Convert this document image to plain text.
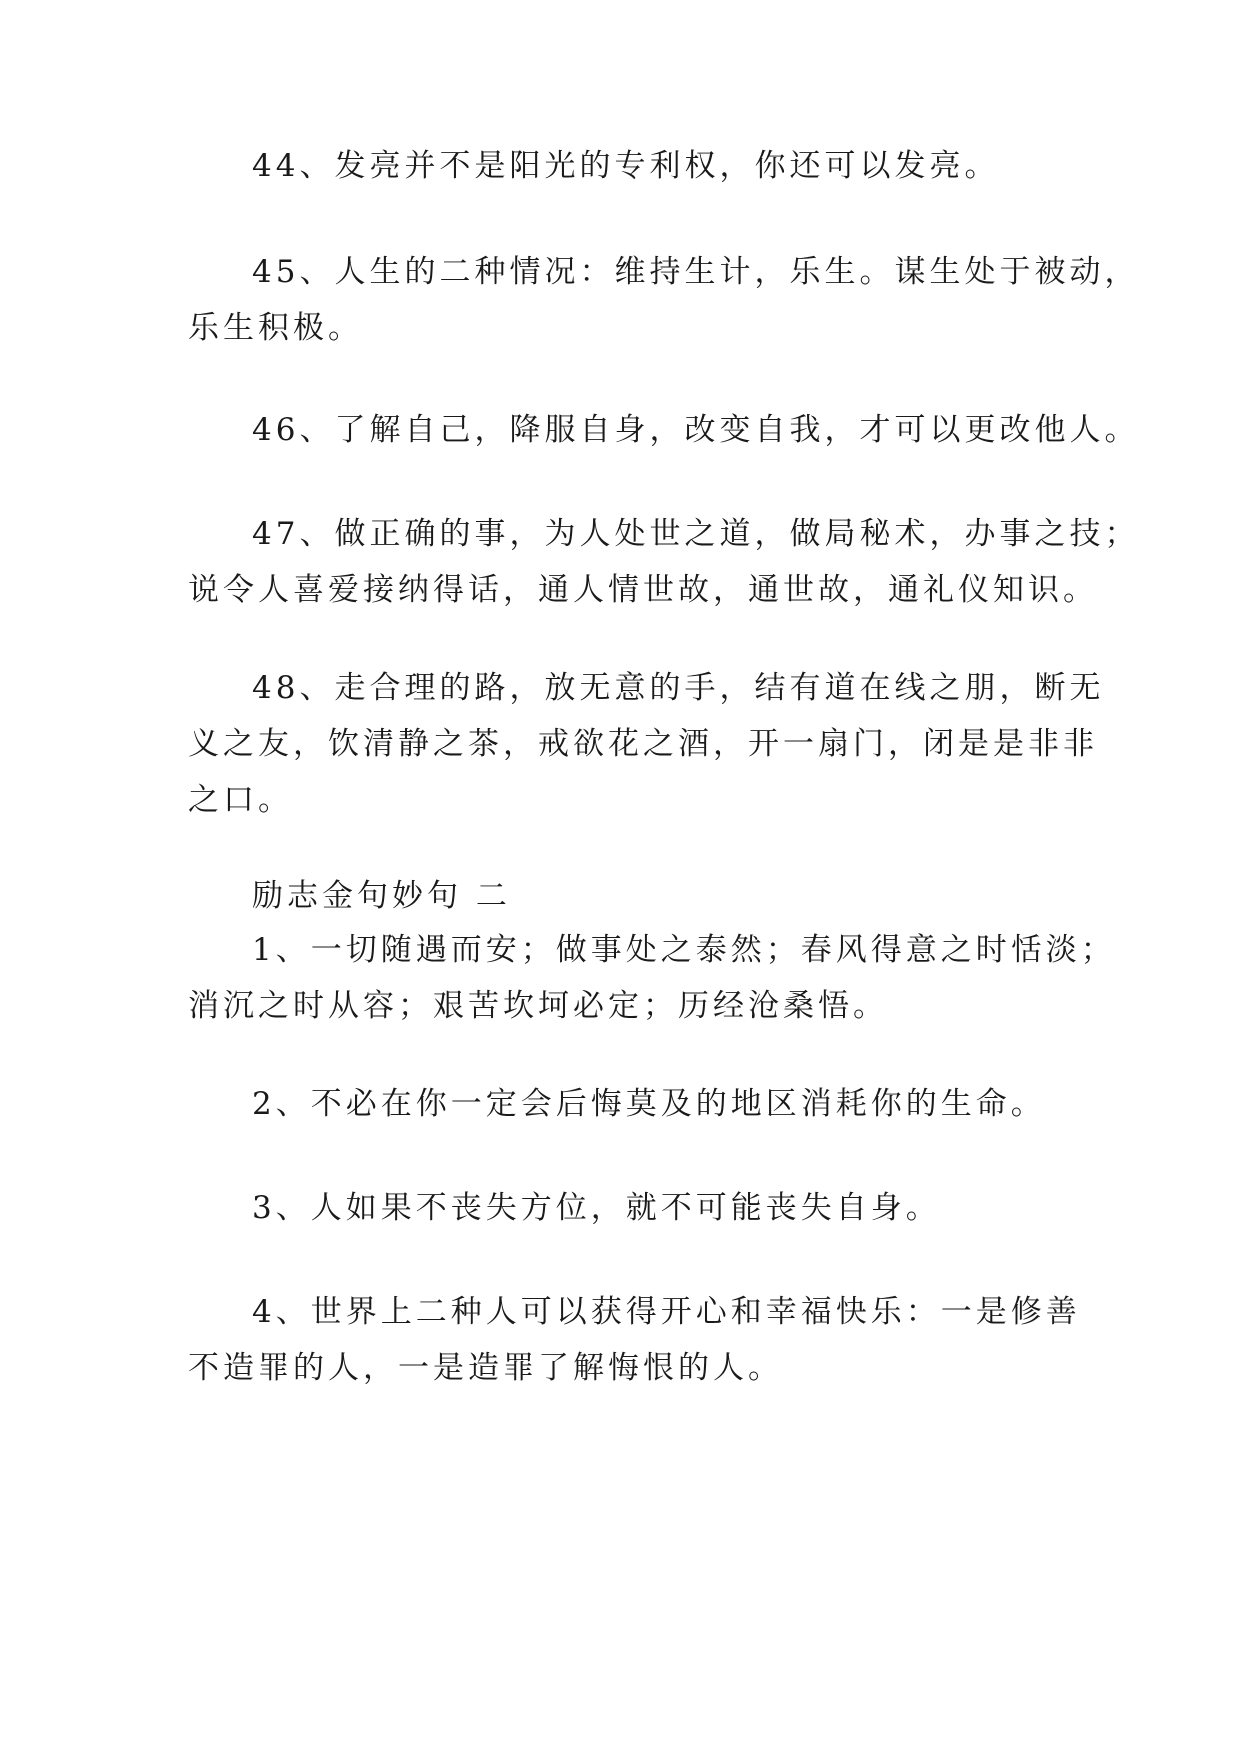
44、发亮并不是阳光的专利权，你还可以发亮。

45、人生的二种情况：维持生计，乐生。谋生处于被动，
乐生积极。

46、了解自己，降服自身，改变自我，才可以更改他人。

47、做正确的事，为人处世之道，做局秘术，办事之技；
说令人喜爱接纳得话，通人情世故，通世故，通礼仪知识。

48、走合理的路，放无意的手，结有道在线之朋，断无
义之友，饮清静之茶，戒欲花之酒，开一扇门，闭是是非非
之口。

励志金句妙句 二

1、一切随遇而安；做事处之泰然；春风得意之时恬淡；
消沉之时从容；艰苦坎坷必定；历经沧桑悟。

2、不必在你一定会后悔莫及的地区消耗你的生命。

3、人如果不丧失方位，就不可能丧失自身。

4、世界上二种人可以获得开心和幸福快乐：一是修善
不造罪的人，一是造罪了解悔恨的人。
